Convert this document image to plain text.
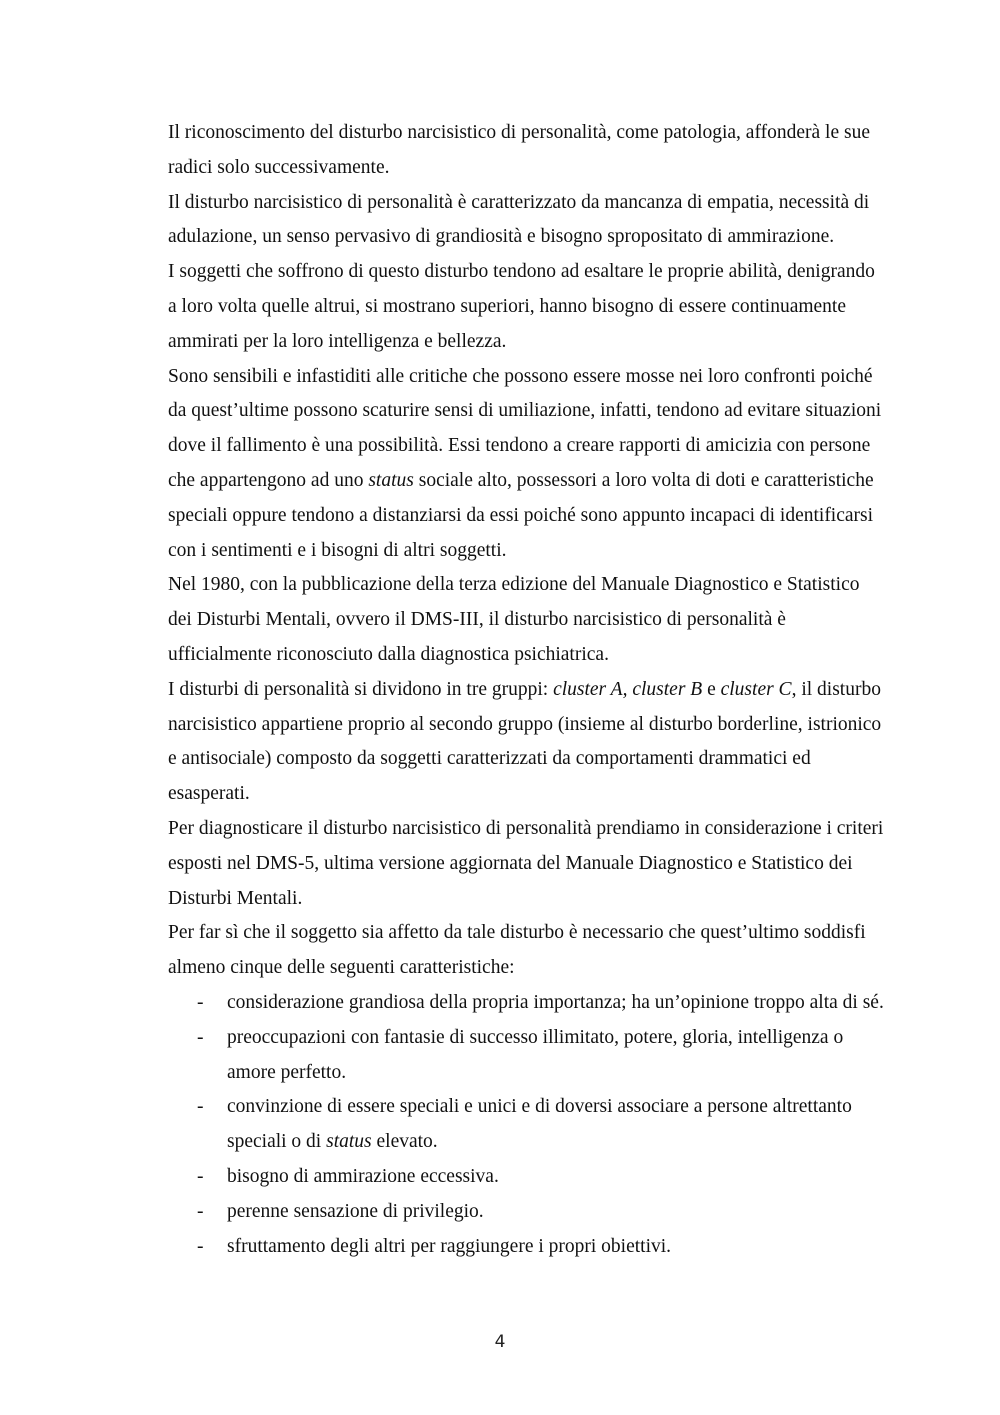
Il riconoscimento del disturbo narcisistico di personalità, come patologia, affonderà le sue radici solo successivamente.

Il disturbo narcisistico di personalità è caratterizzato da mancanza di empatia, necessità di adulazione, un senso pervasivo di grandiosità e bisogno spropositato di ammirazione.

I soggetti che soffrono di questo disturbo tendono ad esaltare le proprie abilità, denigrando a loro volta quelle altrui, si mostrano superiori, hanno bisogno di essere continuamente ammirati per la loro intelligenza e bellezza.

Sono sensibili e infastiditi alle critiche che possono essere mosse nei loro confronti poiché da quest’ultime possono scaturire sensi di umiliazione, infatti, tendono ad evitare situazioni dove il fallimento è una possibilità. Essi tendono a creare rapporti di amicizia con persone che appartengono ad uno status sociale alto, possessori a loro volta di doti e caratteristiche speciali oppure tendono a distanziarsi da essi poiché sono appunto incapaci di identificarsi con i sentimenti e i bisogni di altri soggetti.

Nel 1980, con la pubblicazione della terza edizione del Manuale Diagnostico e Statistico dei Disturbi Mentali, ovvero il DMS-III, il disturbo narcisistico di personalità è ufficialmente riconosciuto dalla diagnostica psichiatrica.

I disturbi di personalità si dividono in tre gruppi: cluster A, cluster B e cluster C, il disturbo narcisistico appartiene proprio al secondo gruppo (insieme al disturbo borderline, istrionico e antisociale) composto da soggetti caratterizzati da comportamenti drammatici ed esasperati.

Per diagnosticare il disturbo narcisistico di personalità prendiamo in considerazione i criteri esposti nel DMS-5, ultima versione aggiornata del Manuale Diagnostico e Statistico dei Disturbi Mentali.

Per far sì che il soggetto sia affetto da tale disturbo è necessario che quest’ultimo soddisfi almeno cinque delle seguenti caratteristiche:

- considerazione grandiosa della propria importanza; ha un’opinione troppo alta di sé.
- preoccupazioni con fantasie di successo illimitato, potere, gloria, intelligenza o amore perfetto.
- convinzione di essere speciali e unici e di doversi associare a persone altrettanto speciali o di status elevato.
- bisogno di ammirazione eccessiva.
- perenne sensazione di privilegio.
- sfruttamento degli altri per raggiungere i propri obiettivi.
4
